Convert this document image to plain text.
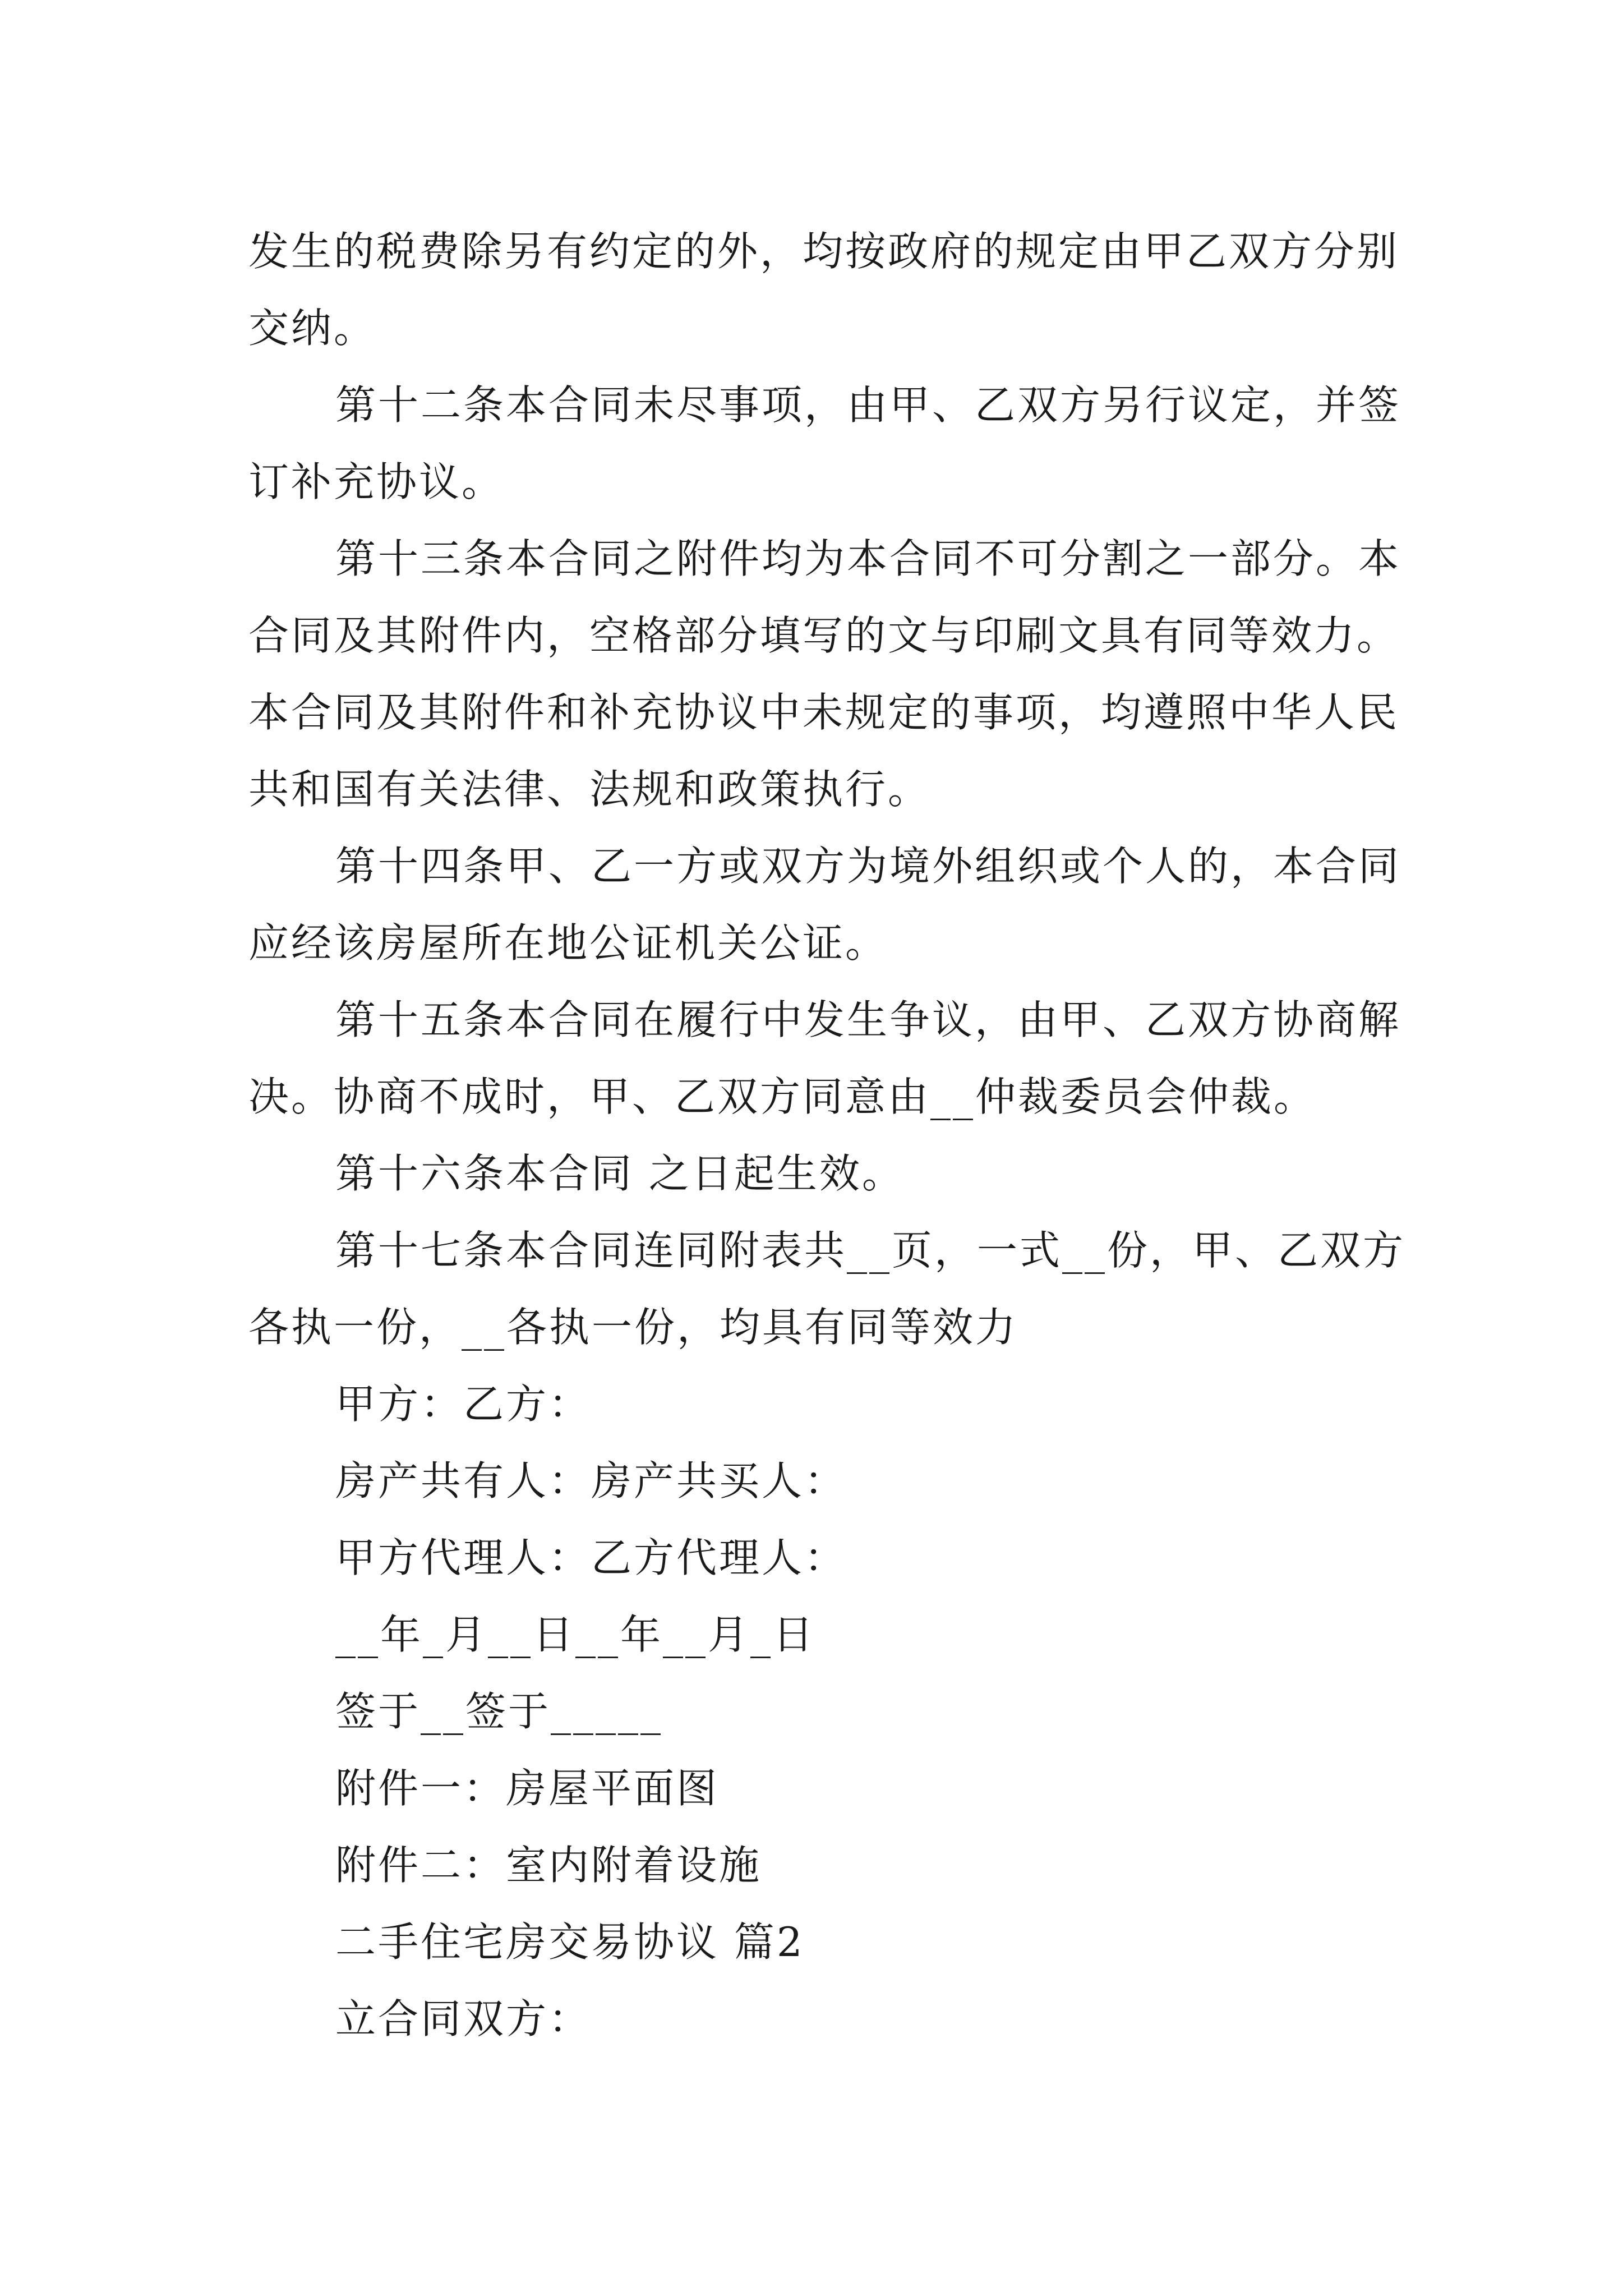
发生的税费除另有约定的外，均按政府的规定由甲乙双方分别交纳。

第十二条本合同未尽事项，由甲、乙双方另行议定，并签订补充协议。

第十三条本合同之附件均为本合同不可分割之一部分。本合同及其附件内，空格部分填写的文与印刷文具有同等效力。本合同及其附件和补充协议中未规定的事项，均遵照中华人民共和国有关法律、法规和政策执行。

第十四条甲、乙一方或双方为境外组织或个人的，本合同应经该房屋所在地公证机关公证。

第十五条本合同在履行中发生争议，由甲、乙双方协商解决。协商不成时，甲、乙双方同意由__仲裁委员会仲裁。

第十六条本合同 之日起生效。

第十七条本合同连同附表共__页，一式__份，甲、乙双方各执一份，__各执一份，均具有同等效力

甲方：乙方：

房产共有人：房产共买人：

甲方代理人：乙方代理人：

__年_月__日__年__月_日

签于__签于_____

附件一：房屋平面图

附件二：室内附着设施

二手住宅房交易协议 篇2

立合同双方：
